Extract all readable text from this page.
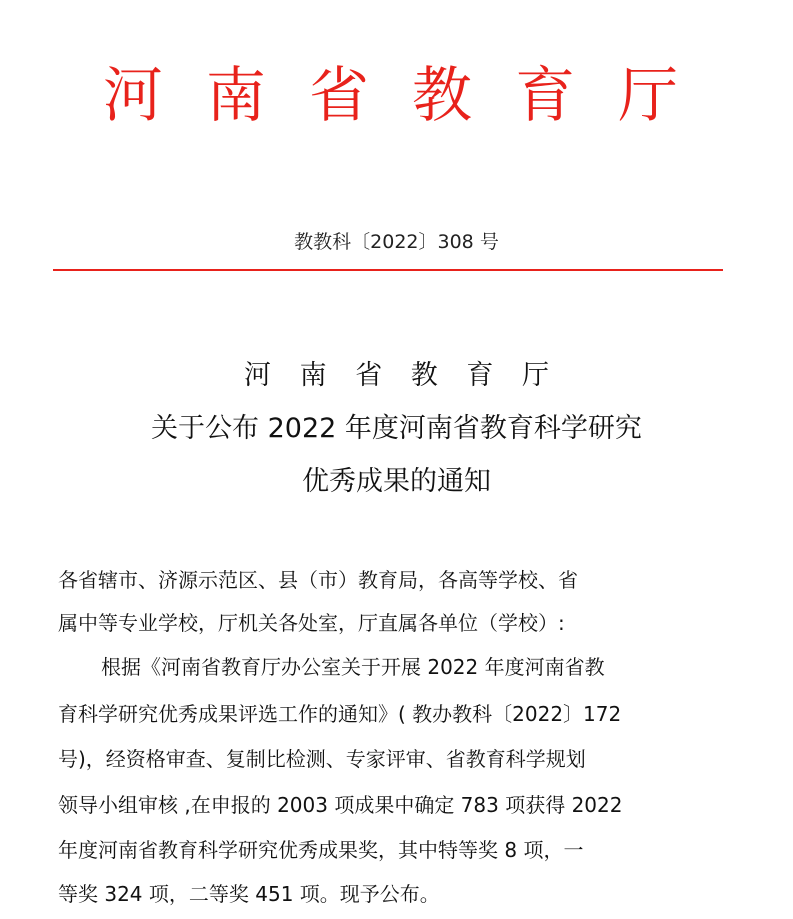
河 南 省 教 育 厅
教教科〔2022〕308 号
河 南 省 教 育 厅
关于公布 2022 年度河南省教育科学研究
优秀成果的通知
各省辖市、济源示范区、县（市）教育局，各高等学校、省
属中等专业学校，厅机关各处室，厅直属各单位（学校）:
根据《河南省教育厅办公室关于开展 2022 年度河南省教
育科学研究优秀成果评选工作的通知》( 教办教科〔2022〕172
号)，经资格审查、复制比检测、专家评审、省教育科学规划
领导小组审核 ,在申报的 2003 项成果中确定 783 项获得 2022
年度河南省教育科学研究优秀成果奖，其中特等奖 8 项，一
等奖 324 项，二等奖 451 项。现予公布。
